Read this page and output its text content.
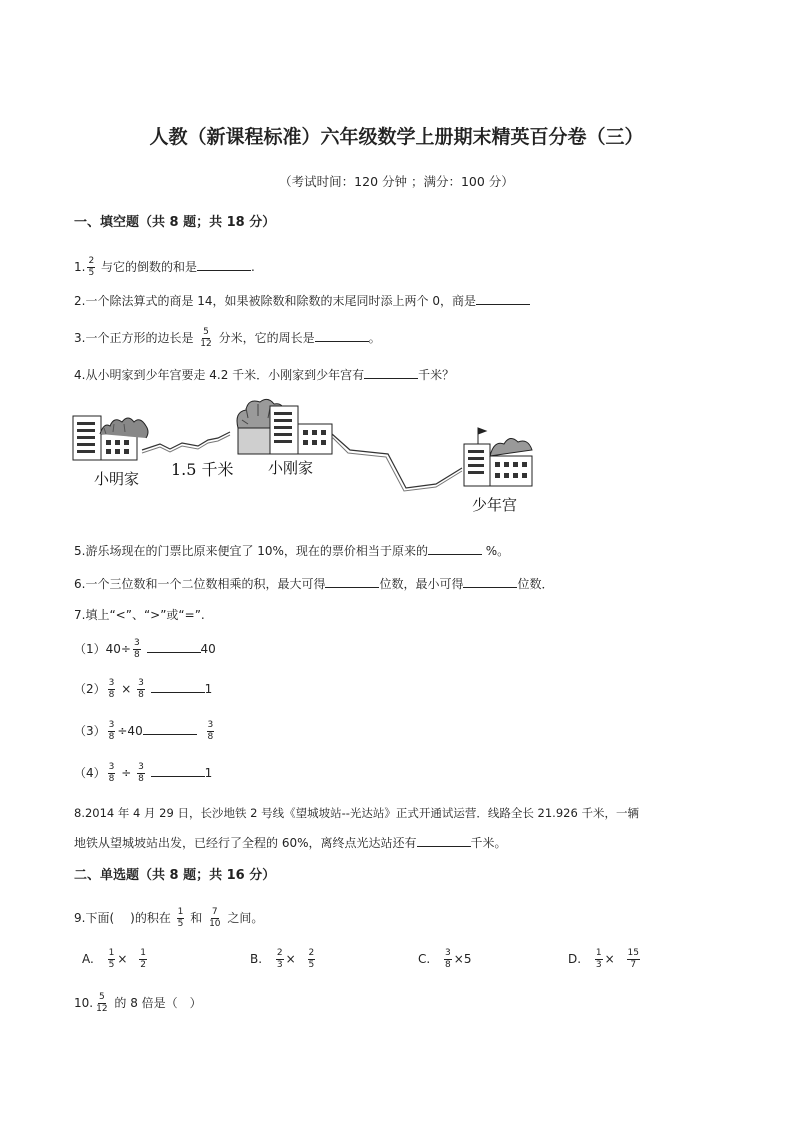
人教（新课程标准）六年级数学上册期末精英百分卷（三）
（考试时间：120 分钟 ；满分：100 分）
一、填空题（共 8 题；共 18 分）
1. $\frac{2}{5}$ 与它的倒数的和是	.
2.一个除法算式的商是 14，如果被除数和除数的末尾同时添上两个 0，商是
3.一个正方形的边长是 $\frac{5}{12}$ 分米，它的周长是	。
4.从小明家到少年宫要走 4.2 千米．小刚家到少年宫有	千米？
小明家 1.5 千米 小刚家
少年宫
5.游乐场现在的门票比原来便宜了 10%，现在的票价相当于原来的	%。
6.一个三位数和一个二位数相乘的积，最大可得	位数，最小可得	位数．
7.填上“<”、“>”或“=”.
$(1)40\div \frac{3}{8}$	40
$(2) \frac{3}{8} \times \frac{3}{8}$	1
$(3) \frac{3}{8} \div 40$	$\frac{3}{8}$
$(4) \frac{3}{8} \div \frac{3}{8}$	1
8.2014 年 4 月 29 日，长沙地铁 2 号线《望城坡站--光达站》正式开通试运营．线路全长 21.926 千米，一辆
地铁从望城坡站出发，已经行了全程的 60%，离终点光达站还有	千米。
二、单选题（共 8 题；共 16 分）
9.下面( )的积在 $\frac{1}{5}$ 和 $\frac{7}{10}$ 之间。
A. $\frac{1}{5} \times \frac{1}{2}$	B. $\frac{2}{3} \times \frac{2}{5}$	C. $\frac{3}{8} \times 5$	D. $\frac{1}{3} \times \frac{15}{7}$
10. $\frac{5}{12}$ 的 8 倍是（　）
